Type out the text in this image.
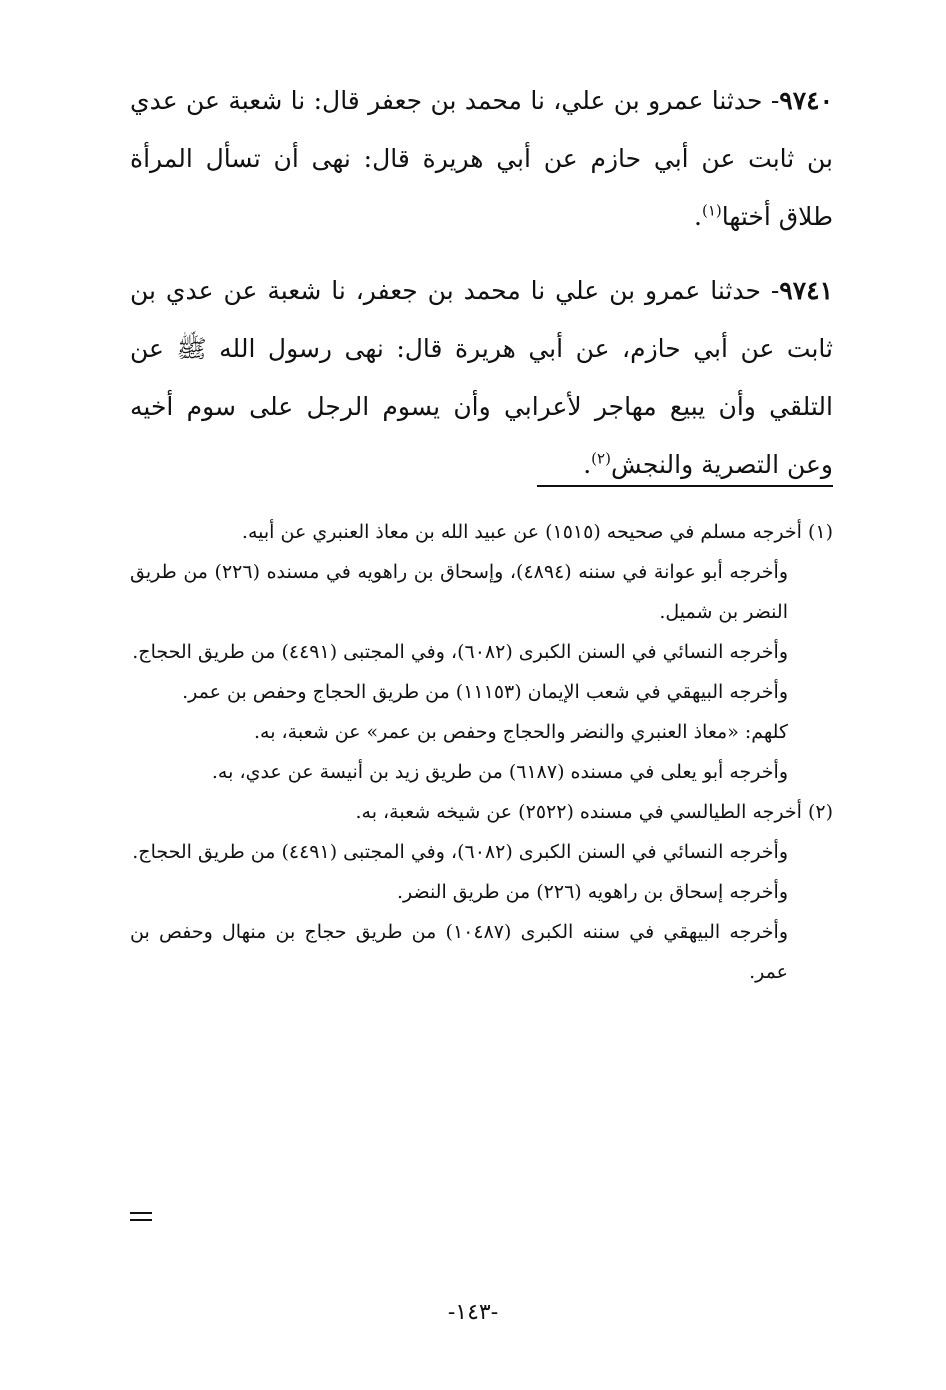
٩٧٤٠- حدثنا عمرو بن علي، نا محمد بن جعفر قال: نا شعبة عن عدي بن ثابت عن أبي حازم عن أبي هريرة قال: نهى أن تسأل المرأة طلاق أختها$^{(١)}$.

٩٧٤١- حدثنا عمرو بن علي نا محمد بن جعفر، نا شعبة عن عدي بن ثابت عن أبي حازم، عن أبي هريرة قال: نهى رسول الله ﷺ عن التلقي وأن يبيع مهاجر لأعرابي وأن يسوم الرجل على سوم أخيه وعن التصرية والنجش$^{(٢)}$.

(١) أخرجه مسلم في صحيحه (١٥١٥) عن عبيد الله بن معاذ العنبري عن أبيه.
وأخرجه أبو عوانة في سننه (٤٨٩٤)، وإسحاق بن راهويه في مسنده (٢٢٦) من طريق النضر بن شميل.
وأخرجه النسائي في السنن الكبرى (٦٠٨٢)، وفي المجتبى (٤٤٩١) من طريق الحجاج.
وأخرجه البيهقي في شعب الإيمان (١١١٥٣) من طريق الحجاج وحفص بن عمر.
كلهم: «معاذ العنبري والنضر والحجاج وحفص بن عمر» عن شعبة، به.
وأخرجه أبو يعلى في مسنده (٦١٨٧) من طريق زيد بن أنيسة عن عدي، به.
(٢) أخرجه الطيالسي في مسنده (٢٥٢٢) عن شيخه شعبة، به.
وأخرجه النسائي في السنن الكبرى (٦٠٨٢)، وفي المجتبى (٤٤٩١) من طريق الحجاج.
وأخرجه إسحاق بن راهويه (٢٢٦) من طريق النضر.
وأخرجه البيهقي في سننه الكبرى (١٠٤٨٧) من طريق حجاج بن منهال وحفص بن عمر.
-١٤٣-
